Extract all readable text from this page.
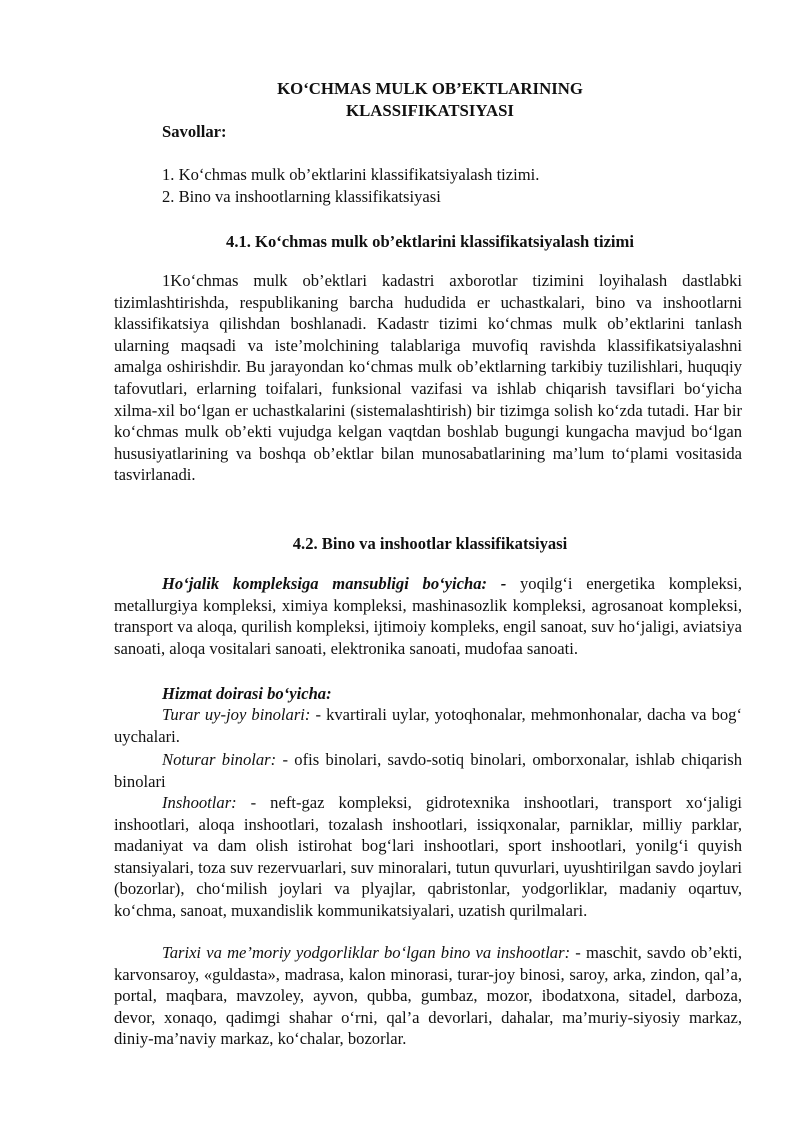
KO‘CHMAS MULK OB’EKTLARINING
KLASSIFIKATSIYASI

Savollar:

1. Ko‘chmas mulk ob’ektlarini klassifikatsiyalash tizimi.
2. Bino va inshootlarning klassifikatsiyasi

4.1. Ko‘chmas mulk ob’ektlarini klassifikatsiyalash tizimi

1Ko‘chmas mulk ob’ektlari kadastri axborotlar tizimini loyihalash dastlabki tizimlashtirishda, respublikaning barcha hududida er uchastkalari, bino va inshootlarni klassifikatsiya qilishdan boshlanadi. Kadastr tizimi ko‘chmas mulk ob’ektlarini tanlash ularning maqsadi va iste’molchining talablariga muvofiq ravishda klassifikatsiyalashni amalga oshirishdir. Bu jarayondan ko‘chmas mulk ob’ektlarning tarkibiy tuzilishlari, huquqiy tafovutlari, erlarning toifalari, funksional vazifasi va ishlab chiqarish tavsiflari bo‘yicha xilma-xil bo‘lgan er uchastkalarini (sistemalashtirish) bir tizimga solish ko‘zda tutadi. Har bir ko‘chmas mulk ob’ekti vujudga kelgan vaqtdan boshlab bugungi kungacha mavjud bo‘lgan hususiyatlarining va boshqa ob’ektlar bilan munosabatlarining ma’lum to‘plami vositasida tasvirlanadi.

4.2. Bino va inshootlar klassifikatsiyasi

Ho‘jalik kompleksiga mansubligi bo‘yicha: - yoqilg‘i energetika kompleksi, metallurgiya kompleksi, ximiya kompleksi, mashinasozlik kompleksi, agrosanoat kompleksi, transport va aloqa, qurilish kompleksi, ijtimoiy kompleks, engil sanoat, suv ho‘jaligi, aviatsiya sanoati, aloqa vositalari sanoati, elektronika sanoati, mudofaa sanoati.

Hizmat doirasi bo‘yicha:

Turar uy-joy binolari: - kvartirali uylar, yotoqhonalar, mehmonhonalar, dacha va bog‘ uychalari.

Noturar binolar: - ofis binolari, savdo-sotiq binolari, omborxonalar, ishlab chiqarish binolari

Inshootlar: - neft-gaz kompleksi, gidrotexnika inshootlari, transport xo‘jaligi inshootlari, aloqa inshootlari, tozalash inshootlari, issiqxonalar, parniklar, milliy parklar, madaniyat va dam olish istirohat bog‘lari inshootlari, sport inshootlari, yonilg‘i quyish stansiyalari, toza suv rezervuarlari, suv minoralari, tutun quvurlari, uyushtirilgan savdo joylari (bozorlar), cho‘milish joylari va plyajlar, qabristonlar, yodgorliklar, madaniy oqartuv, ko‘chma, sanoat, muxandislik kommunikatsiyalari, uzatish qurilmalari.

Tarixi va me’moriy yodgorliklar bo‘lgan bino va inshootlar: - maschit, savdo ob’ekti, karvonsaroy, «guldasta», madrasa, kalon minorasi, turar-joy binosi, saroy, arka, zindon, qal’a, portal, maqbara, mavzoley, ayvon, qubba, gumbaz, mozor, ibodatxona, sitadel, darboza, devor, xonaqo, qadimgi shahar o‘rni, qal’a devorlari, dahalar, ma’muriy-siyosiy markaz, diniy-ma’naviy markaz, ko‘chalar, bozorlar.
